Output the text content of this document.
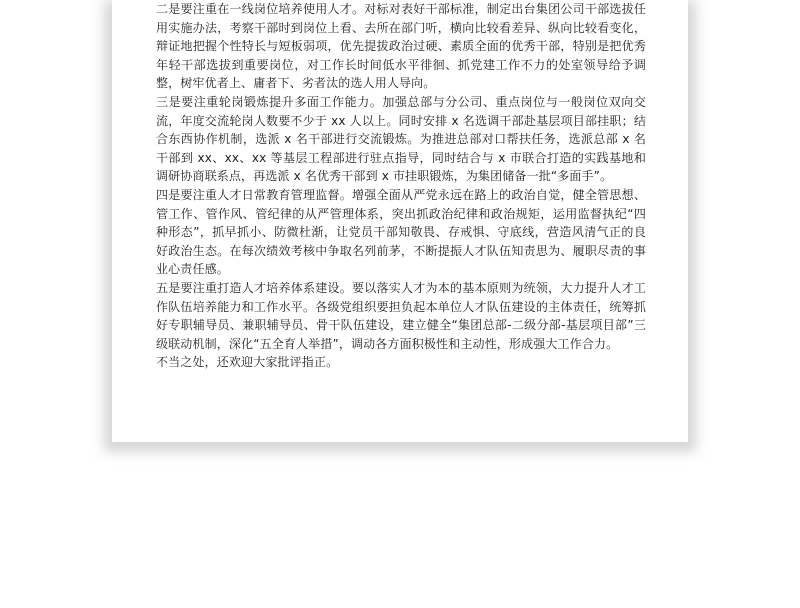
二是要注重在一线岗位培养使用人才。对标对表好干部标准，制定出台集团公司干部选拔任用实施办法，考察干部时到岗位上看、去所在部门听，横向比较看差异、纵向比较看变化，辩证地把握个性特长与短板弱项，优先提拔政治过硬、素质全面的优秀干部，特别是把优秀年轻干部选拔到重要岗位，对工作长时间低水平徘徊、抓党建工作不力的处室领导给予调整，树牢优者上、庸者下、劣者汰的选人用人导向。

三是要注重轮岗锻炼提升多面工作能力。加强总部与分公司、重点岗位与一般岗位双向交流，年度交流轮岗人数要不少于 xx 人以上。同时安排 x 名选调干部赴基层项目部挂职；结合东西协作机制，选派 x 名干部进行交流锻炼。为推进总部对口帮扶任务，选派总部 x 名干部到 xx、xx、xx 等基层工程部进行驻点指导，同时结合与 x 市联合打造的实践基地和调研协商联系点，再选派 x 名优秀干部到 x 市挂职锻炼，为集团储备一批“多面手”。

四是要注重人才日常教育管理监督。增强全面从严党永远在路上的政治自觉，健全管思想、管工作、管作风、管纪律的从严管理体系，突出抓政治纪律和政治规矩，运用监督执纪“四种形态”，抓早抓小、防微杜渐，让党员干部知敬畏、存戒惧、守底线，营造风清气正的良好政治生态。在每次绩效考核中争取名列前茅，不断提振人才队伍知责思为、履职尽责的事业心责任感。

五是要注重打造人才培养体系建设。要以落实人才为本的基本原则为统领，大力提升人才工作队伍培养能力和工作水平。各级党组织要担负起本单位人才队伍建设的主体责任，统筹抓好专职辅导员、兼职辅导员、骨干队伍建设，建立健全“集团总部-二级分部-基层项目部”三级联动机制，深化“五全育人举措”，调动各方面积极性和主动性，形成强大工作合力。

不当之处，还欢迎大家批评指正。
